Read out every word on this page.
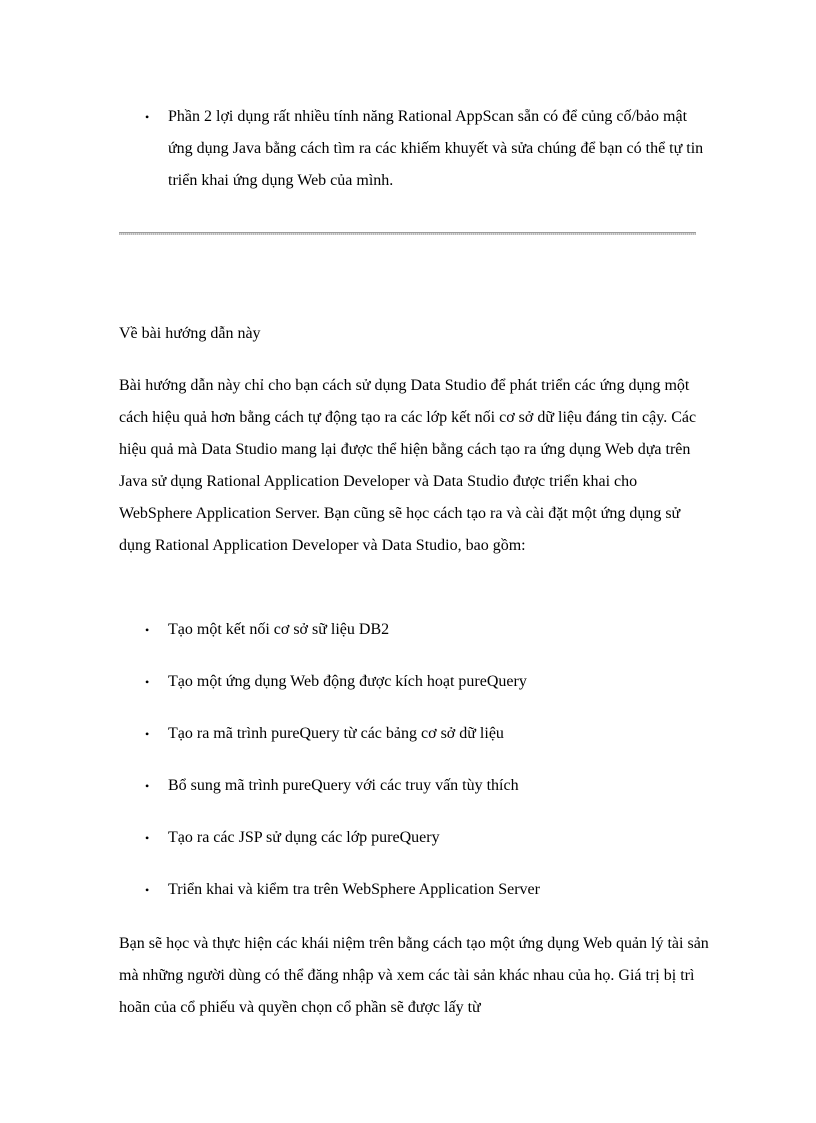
•	Phần 2 lợi dụng rất nhiều tính năng Rational AppScan sẵn có để củng cố/bảo mật ứng dụng Java bằng cách tìm ra các khiếm khuyết và sửa chúng để bạn có thể tự tin triển khai ứng dụng Web của mình.
Về bài hướng dẫn này

Bài hướng dẫn này chỉ cho bạn cách sử dụng Data Studio để phát triển các ứng dụng một cách hiệu quả hơn bằng cách tự động tạo ra các lớp kết nối cơ sở dữ liệu đáng tin cậy. Các hiệu quả mà Data Studio mang lại được thể hiện bằng cách tạo ra ứng dụng Web dựa trên Java sử dụng Rational Application Developer và Data Studio được triển khai cho WebSphere Application Server. Bạn cũng sẽ học cách tạo ra và cài đặt một ứng dụng sử dụng Rational Application Developer và Data Studio, bao gồm:

•	Tạo một kết nối cơ sở sữ liệu DB2
•	Tạo một ứng dụng Web động được kích hoạt pureQuery
•	Tạo ra mã trình pureQuery từ các bảng cơ sở dữ liệu
•	Bổ sung mã trình pureQuery với các truy vấn tùy thích
•	Tạo ra các JSP sử dụng các lớp pureQuery
•	Triển khai và kiểm tra trên WebSphere Application Server

Bạn sẽ học và thực hiện các khái niệm trên bằng cách tạo một ứng dụng Web quản lý tài sản mà những người dùng có thể đăng nhập và xem các tài sản khác nhau của họ. Giá trị bị trì hoãn của cổ phiếu và quyền chọn cổ phần sẽ được lấy từ
